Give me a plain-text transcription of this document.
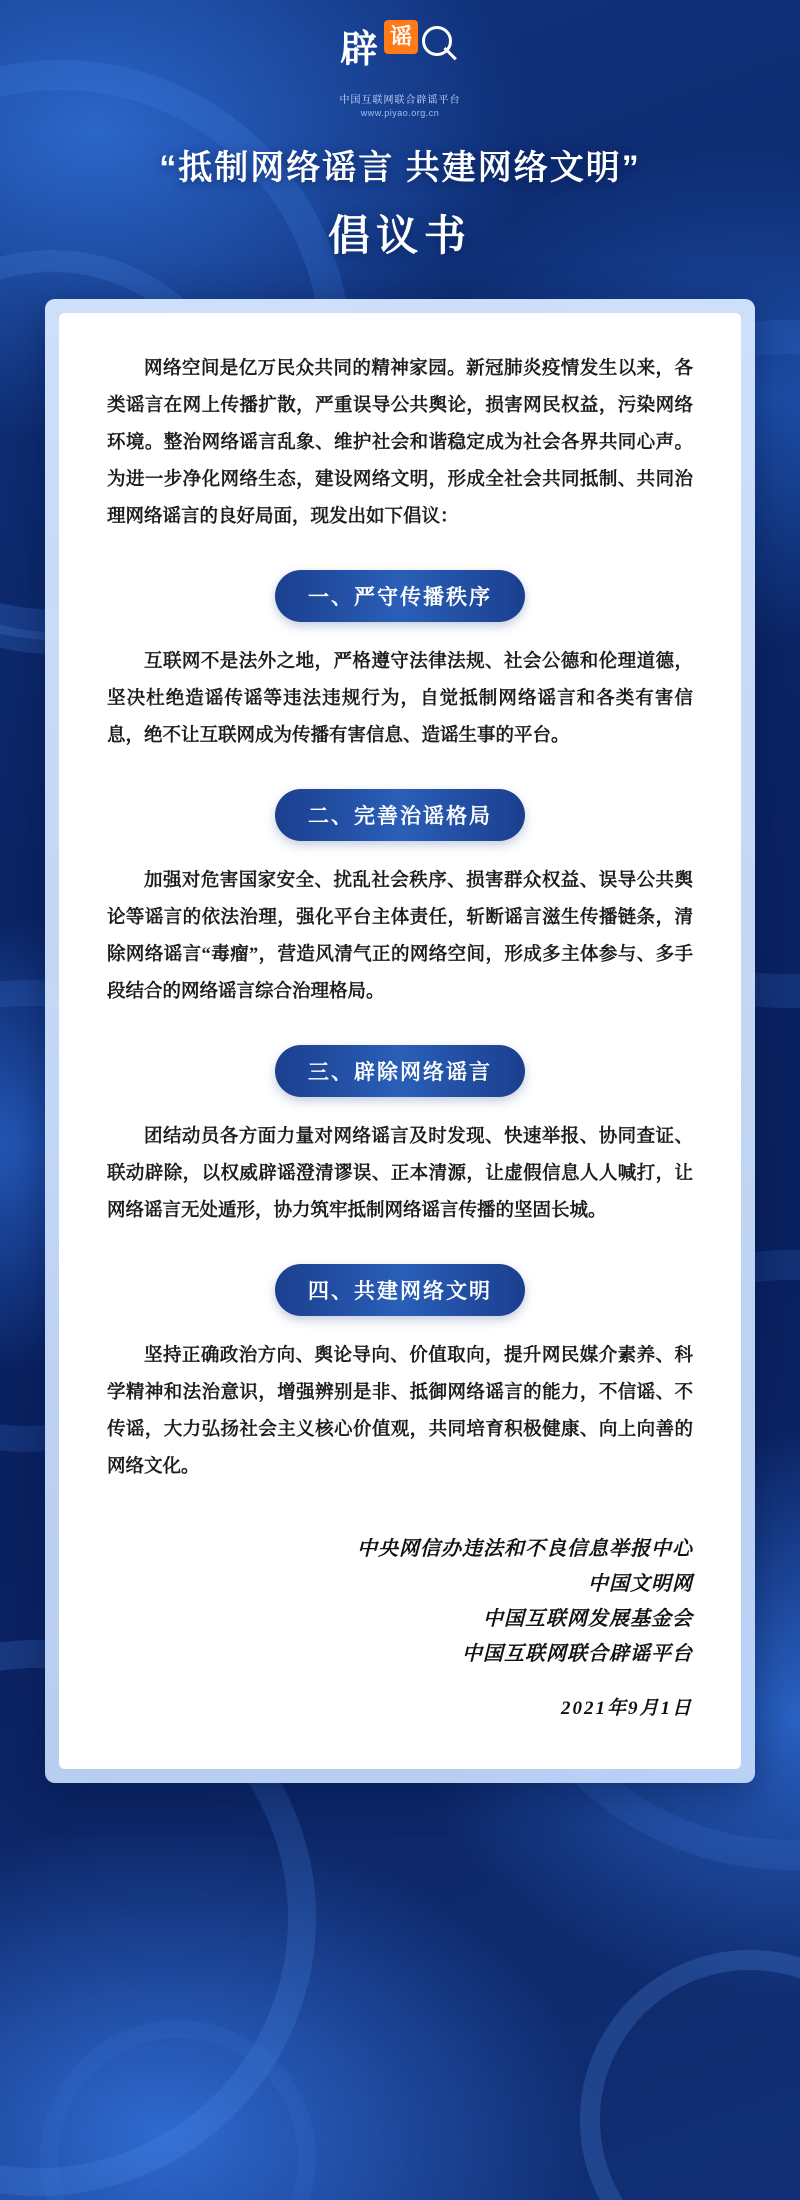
辟 谣
中国互联网联合辟谣平台
www.piyao.org.cn
“抵制网络谣言 共建网络文明”
倡议书

网络空间是亿万民众共同的精神家园。新冠肺炎疫情发生以来，各类谣言在网上传播扩散，严重误导公共舆论，损害网民权益，污染网络环境。整治网络谣言乱象、维护社会和谐稳定成为社会各界共同心声。为进一步净化网络生态，建设网络文明，形成全社会共同抵制、共同治理网络谣言的良好局面，现发出如下倡议：

一、严守传播秩序

互联网不是法外之地，严格遵守法律法规、社会公德和伦理道德，坚决杜绝造谣传谣等违法违规行为，自觉抵制网络谣言和各类有害信息，绝不让互联网成为传播有害信息、造谣生事的平台。

二、完善治谣格局

加强对危害国家安全、扰乱社会秩序、损害群众权益、误导公共舆论等谣言的依法治理，强化平台主体责任，斩断谣言滋生传播链条，清除网络谣言“毒瘤”，营造风清气正的网络空间，形成多主体参与、多手段结合的网络谣言综合治理格局。

三、辟除网络谣言

团结动员各方面力量对网络谣言及时发现、快速举报、协同查证、联动辟除，以权威辟谣澄清谬误、正本清源，让虚假信息人人喊打，让网络谣言无处遁形，协力筑牢抵制网络谣言传播的坚固长城。

四、共建网络文明

坚持正确政治方向、舆论导向、价值取向，提升网民媒介素养、科学精神和法治意识，增强辨别是非、抵御网络谣言的能力，不信谣、不传谣，大力弘扬社会主义核心价值观，共同培育积极健康、向上向善的网络文化。

中央网信办违法和不良信息举报中心
中国文明网
中国互联网发展基金会
中国互联网联合辟谣平台
2021年9月1日
